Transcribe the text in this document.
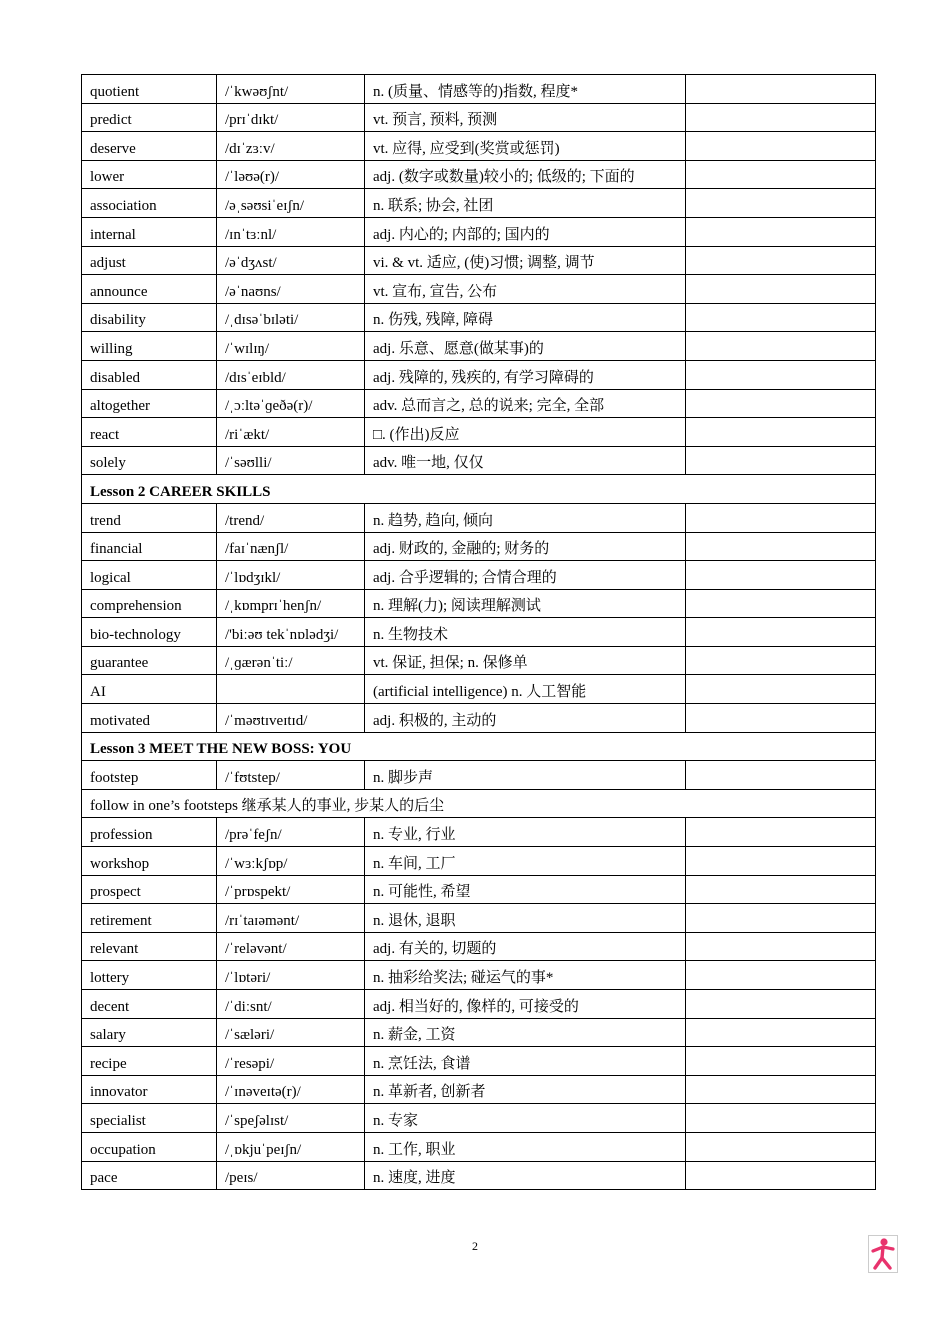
quotient	/ˈkwəʊʃnt/	n. (质量、情感等的)指数, 程度*	
predict	/prɪˈdɪkt/	vt. 预言, 预料, 预测	
deserve	/dɪˈzɜːv/	vt. 应得, 应受到(奖赏或惩罚)	
lower	/ˈləʊə(r)/	adj. (数字或数量)较小的; 低级的; 下面的	
association	/əˌsəʊsiˈeɪʃn/	n. 联系; 协会, 社团	
internal	/ɪnˈtɜːnl/	adj. 内心的; 内部的; 国内的	
adjust	/əˈdʒʌst/	vi. & vt. 适应, (使)习惯; 调整, 调节	
announce	/əˈnaʊns/	vt. 宣布, 宣告, 公布	
disability	/ˌdɪsəˈbɪləti/	n. 伤残, 残障, 障碍	
willing	/ˈwɪlɪŋ/	adj. 乐意、愿意(做某事)的	
disabled	/dɪsˈeɪbld/	adj. 残障的, 残疾的, 有学习障碍的	
altogether	/ˌɔːltəˈɡeðə(r)/	adv. 总而言之, 总的说来; 完全, 全部	
react	/riˈækt/	□. (作出)反应	
solely	/ˈsəʊlli/	adv. 唯一地, 仅仅	
Lesson 2 CAREER SKILLS			
trend	/trend/	n. 趋势, 趋向, 倾向	
financial	/faɪˈnænʃl/	adj. 财政的, 金融的; 财务的	
logical	/ˈlɒdʒɪkl/	adj. 合乎逻辑的; 合情合理的	
comprehension	/ˌkɒmprɪˈhenʃn/	n. 理解(力); 阅读理解测试	
bio-technology	/'biːəʊ tekˈnɒlədʒi/	n. 生物技术	
guarantee	/ˌɡærənˈtiː/	vt. 保证, 担保; n. 保修单	
AI		(artificial intelligence) n. 人工智能	
motivated	/ˈməʊtɪveɪtɪd/	adj. 积极的, 主动的	
Lesson 3 MEET THE NEW BOSS: YOU			
footstep	/ˈfʊtstep/	n. 脚步声	
follow in one’s footsteps 继承某人的事业, 步某人的后尘			
profession	/prəˈfeʃn/	n. 专业, 行业	
workshop	/ˈwɜːkʃɒp/	n. 车间, 工厂	
prospect	/ˈprɒspekt/	n. 可能性, 希望	
retirement	/rɪˈtaɪəmənt/	n. 退休, 退职	
relevant	/ˈreləvənt/	adj. 有关的, 切题的	
lottery	/ˈlɒtəri/	n. 抽彩给奖法; 碰运气的事*	
decent	/ˈdiːsnt/	adj. 相当好的, 像样的, 可接受的	
salary	/ˈsæləri/	n. 薪金, 工资	
recipe	/ˈresəpi/	n. 烹饪法, 食谱	
innovator	/ˈɪnəveɪtə(r)/	n. 革新者, 创新者	
specialist	/ˈspeʃəlɪst/	n. 专家	
occupation	/ˌɒkjuˈpeɪʃn/	n. 工作, 职业	
pace	/peɪs/	n. 速度, 进度	
2
